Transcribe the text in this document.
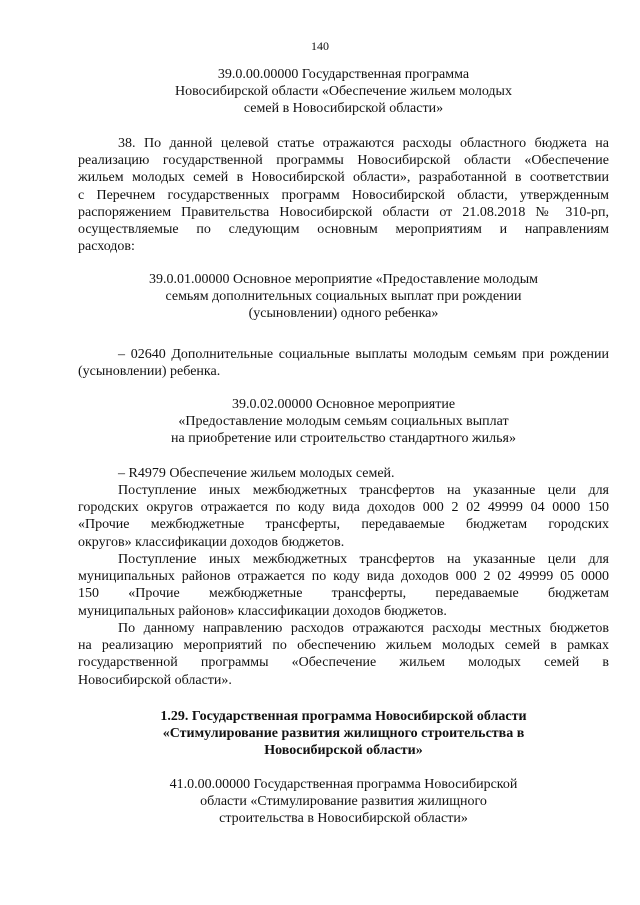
140
39.0.00.00000 Государственная программа
Новосибирской области «Обеспечение жильем молодых
семей в Новосибирской области»
38. По данной целевой статье отражаются расходы областного бюджета на
реализацию государственной программы Новосибирской области «Обеспечение
жильем молодых семей в Новосибирской области», разработанной в соответствии
с Перечнем государственных программ Новосибирской области, утвержденным
распоряжением Правительства Новосибирской области от 21.08.2018 № 310-рп,
осуществляемые по следующим основным мероприятиям и направлениям
расходов:
39.0.01.00000 Основное мероприятие «Предоставление молодым
семьям дополнительных социальных выплат при рождении
(усыновлении) одного ребенка»
– 02640 Дополнительные социальные выплаты молодым семьям при рождении
(усыновлении) ребенка.
39.0.02.00000 Основное мероприятие
«Предоставление молодым семьям социальных выплат
на приобретение или строительство стандартного жилья»
– R4979 Обеспечение жильем молодых семей.
Поступление иных межбюджетных трансфертов на указанные цели для
городских округов отражается по коду вида доходов 000 2 02 49999 04 0000 150
«Прочие межбюджетные трансферты, передаваемые бюджетам городских
округов» классификации доходов бюджетов.
Поступление иных межбюджетных трансфертов на указанные цели для
муниципальных районов отражается по коду вида доходов 000 2 02 49999 05 0000
150 «Прочие межбюджетные трансферты, передаваемые бюджетам
муниципальных районов» классификации доходов бюджетов.
По данному направлению расходов отражаются расходы местных бюджетов
на реализацию мероприятий по обеспечению жильем молодых семей в рамках
государственной программы «Обеспечение жильем молодых семей в
Новосибирской области».
1.29. Государственная программа Новосибирской области
«Стимулирование развития жилищного строительства в
Новосибирской области»
41.0.00.00000 Государственная программа Новосибирской
области «Стимулирование развития жилищного
строительства в Новосибирской области»
